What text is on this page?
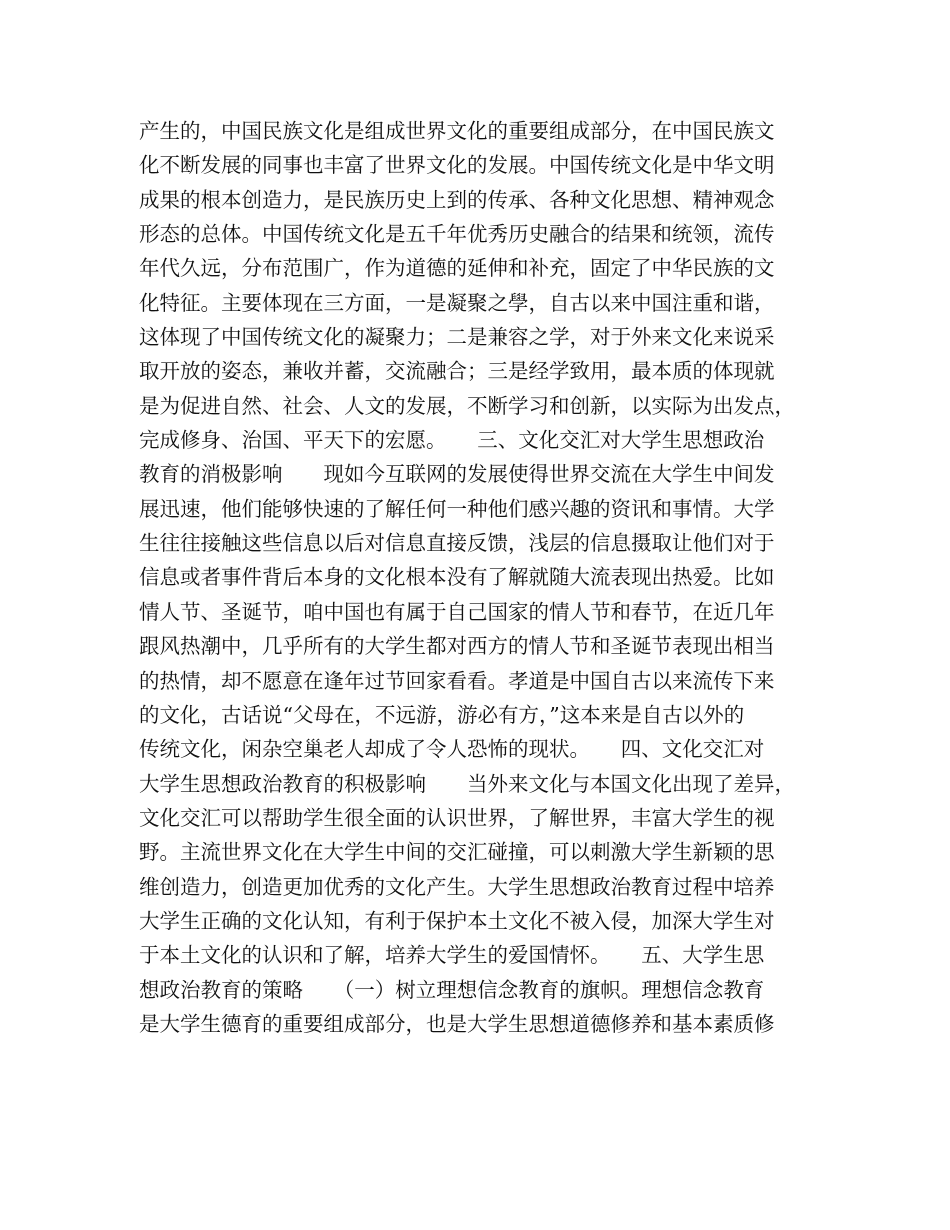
产生的，中国民族文化是组成世界文化的重要组成部分，在中国民族文
化不断发展的同事也丰富了世界文化的发展。中国传统文化是中华文明
成果的根本创造力，是民族历史上到的传承、各种文化思想、精神观念
形态的总体。中国传统文化是五千年优秀历史融合的结果和统领，流传
年代久远，分布范围广，作为道德的延伸和补充，固定了中华民族的文
化特征。主要体现在三方面，一是凝聚之學，自古以来中国注重和谐，
这体现了中国传统文化的凝聚力；二是兼容之学，对于外来文化来说采
取开放的姿态，兼收并蓄，交流融合；三是经学致用，最本质的体现就
是为促进自然、社会、人文的发展，不断学习和创新，以实际为出发点，
完成修身、治国、平天下的宏愿。　　三、文化交汇对大学生思想政治
教育的消极影响　　现如今互联网的发展使得世界交流在大学生中间发
展迅速，他们能够快速的了解任何一种他们感兴趣的资讯和事情。大学
生往往接触这些信息以后对信息直接反馈，浅层的信息摄取让他们对于
信息或者事件背后本身的文化根本没有了解就随大流表现出热爱。比如
情人节、圣诞节，咱中国也有属于自己国家的情人节和春节，在近几年
跟风热潮中，几乎所有的大学生都对西方的情人节和圣诞节表现出相当
的热情，却不愿意在逢年过节回家看看。孝道是中国自古以来流传下来
的文化，古话说“父母在，不远游，游必有方，”这本来是自古以外的
传统文化，闲杂空巢老人却成了令人恐怖的现状。　　四、文化交汇对
大学生思想政治教育的积极影响　　当外来文化与本国文化出现了差异，
文化交汇可以帮助学生很全面的认识世界，了解世界，丰富大学生的视
野。主流世界文化在大学生中间的交汇碰撞，可以刺激大学生新颖的思
维创造力，创造更加优秀的文化产生。大学生思想政治教育过程中培养
大学生正确的文化认知，有利于保护本土文化不被入侵，加深大学生对
于本土文化的认识和了解，培养大学生的爱国情怀。　　五、大学生思
想政治教育的策略　　（一）树立理想信念教育的旗帜。理想信念教育
是大学生德育的重要组成部分，也是大学生思想道德修养和基本素质修
